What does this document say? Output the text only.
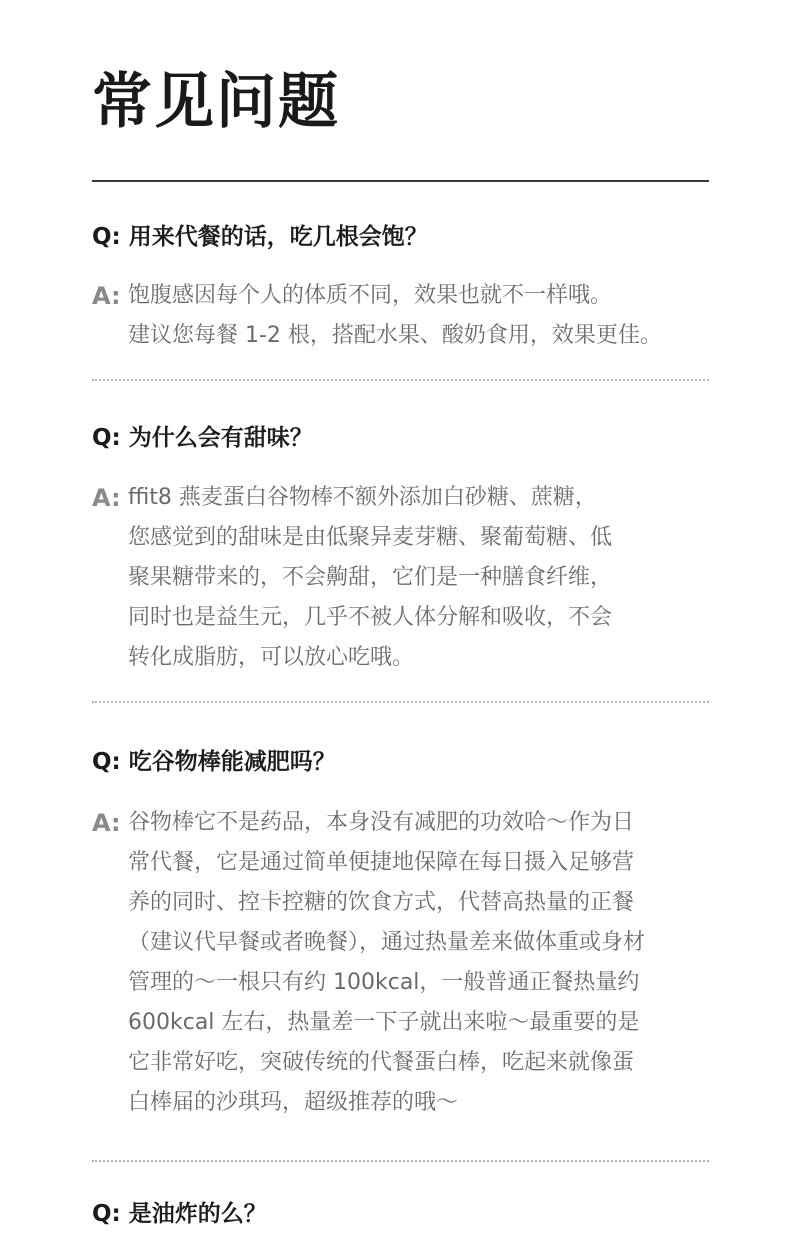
常见问题
Q: 用来代餐的话，吃几根会饱？
A: 饱腹感因每个人的体质不同，效果也就不一样哦。
建议您每餐 1-2 根，搭配水果、酸奶食用，效果更佳。
Q: 为什么会有甜味？
A: ffit8 燕麦蛋白谷物棒不额外添加白砂糖、蔗糖，
您感觉到的甜味是由低聚异麦芽糖、聚葡萄糖、低
聚果糖带来的，不会齁甜，它们是一种膳食纤维，
同时也是益生元，几乎不被人体分解和吸收，不会
转化成脂肪，可以放心吃哦。
Q: 吃谷物棒能减肥吗？
A: 谷物棒它不是药品，本身没有减肥的功效哈～作为日
常代餐，它是通过简单便捷地保障在每日摄入足够营
养的同时、控卡控糖的饮食方式，代替高热量的正餐
（建议代早餐或者晚餐），通过热量差来做体重或身材
管理的～一根只有约 100kcal，一般普通正餐热量约
600kcal 左右，热量差一下子就出来啦～最重要的是
它非常好吃，突破传统的代餐蛋白棒，吃起来就像蛋
白棒届的沙琪玛，超级推荐的哦～
Q: 是油炸的么？
